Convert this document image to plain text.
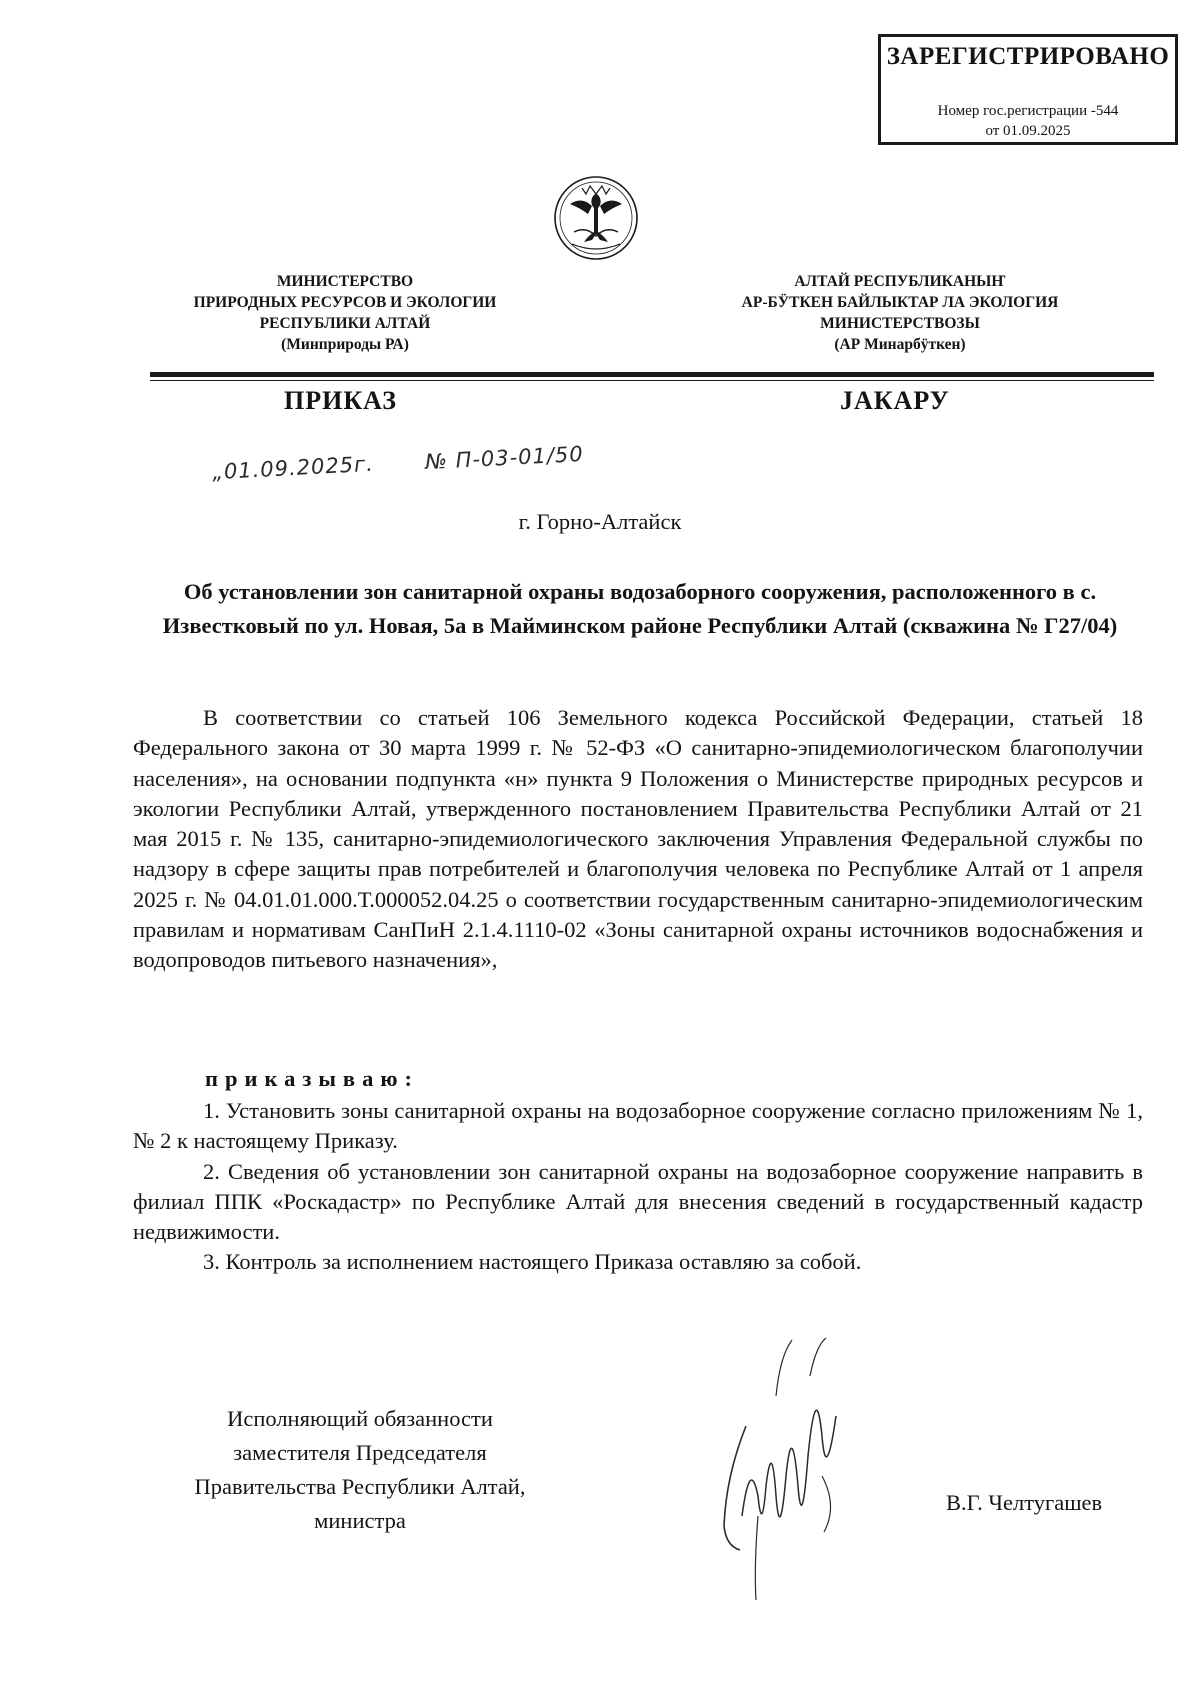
ЗАРЕГИСТРИРОВАНО
Номер гос.регистрации -544
от 01.09.2025
МИНИСТЕРСТВО
ПРИРОДНЫХ РЕСУРСОВ И ЭКОЛОГИИ
РЕСПУБЛИКИ АЛТАЙ
(Минприроды РА)
АЛТАЙ РЕСПУБЛИКАНЫҤ
АР-БӰТКЕН БАЙЛЫКТАР ЛА ЭКОЛОГИЯ
МИНИСТЕРСТВОЗЫ
(АР Минарбӱткен)
ПРИКАЗ	ЈАКАРУ
„01.09.2025г. № П-03-01/50
г. Горно-Алтайск
Об установлении зон санитарной охраны водозаборного сооружения, расположенного в с. Известковый по ул. Новая, 5а в Майминском районе Республики Алтай (скважина № Г27/04)
В соответствии со статьей 106 Земельного кодекса Российской Федерации, статьей 18 Федерального закона от 30 марта 1999 г. № 52-ФЗ «О санитарно-эпидемиологическом благополучии населения», на основании подпункта «н» пункта 9 Положения о Министерстве природных ресурсов и экологии Республики Алтай, утвержденного постановлением Правительства Республики Алтай от 21 мая 2015 г. № 135, санитарно-эпидемиологического заключения Управления Федеральной службы по надзору в сфере защиты прав потребителей и благополучия человека по Республике Алтай от 1 апреля 2025 г. № 04.01.01.000.Т.000052.04.25 о соответствии государственным санитарно-эпидемиологическим правилам и нормативам СанПиН 2.1.4.1110-02 «Зоны санитарной охраны источников водоснабжения и водопроводов питьевого назначения»,
приказываю:

1. Установить зоны санитарной охраны на водозаборное сооружение согласно приложениям № 1, № 2 к настоящему Приказу.

2. Сведения об установлении зон санитарной охраны на водозаборное сооружение направить в филиал ППК «Роскадастр» по Республике Алтай для внесения сведений в государственный кадастр недвижимости.

3. Контроль за исполнением настоящего Приказа оставляю за собой.

Исполняющий обязанности
заместителя Председателя
Правительства Республики Алтай,
министра
В.Г. Челтугашев
